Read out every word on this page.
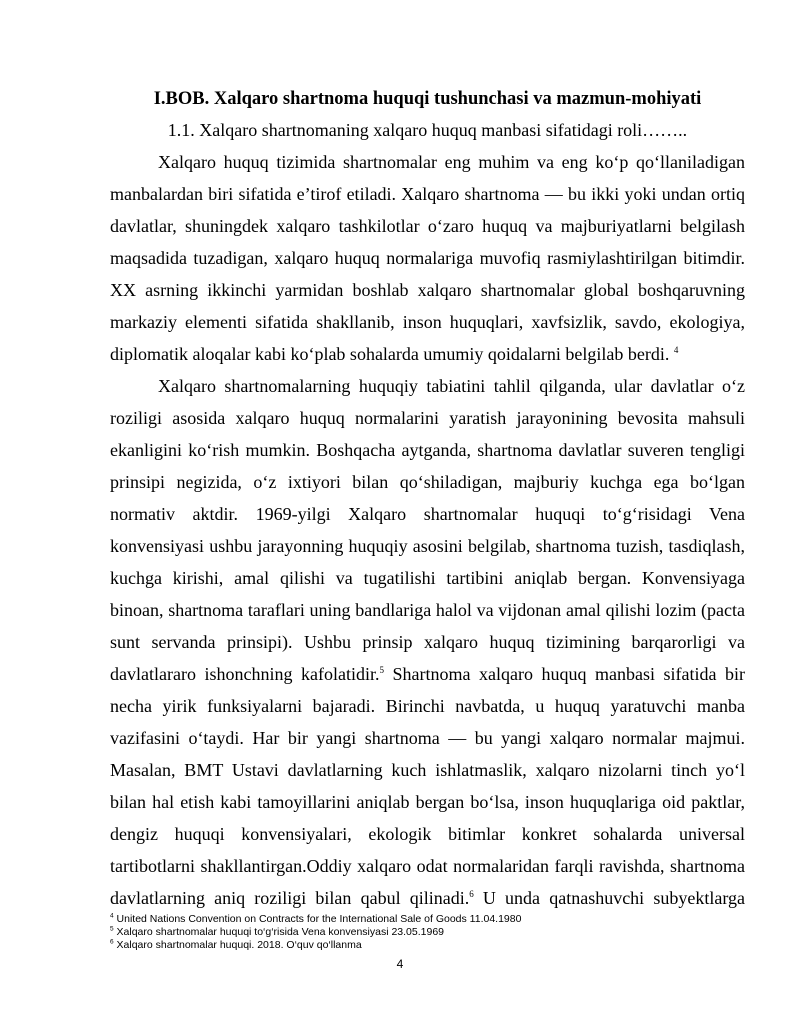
I.BOB. Xalqaro shartnoma huquqi tushunchasi va mazmun-mohiyati
1.1. Xalqaro shartnomaning xalqaro huquq manbasi sifatidagi roli……..
Xalqaro huquq tizimida shartnomalar eng muhim va eng ko‘p qo‘llaniladigan
manbalardan biri sifatida e’tirof etiladi. Xalqaro shartnoma — bu ikki yoki undan ortiq
davlatlar, shuningdek xalqaro tashkilotlar o‘zaro huquq va majburiyatlarni belgilash
maqsadida tuzadigan, xalqaro huquq normalariga muvofiq rasmiylashtirilgan bitimdir.
XX asrning ikkinchi yarmidan boshlab xalqaro shartnomalar global boshqaruvning
markaziy elementi sifatida shakllanib, inson huquqlari, xavfsizlik, savdo, ekologiya,
diplomatik aloqalar kabi ko‘plab sohalarda umumiy qoidalarni belgilab berdi. $^4$
Xalqaro shartnomalarning huquqiy tabiatini tahlil qilganda, ular davlatlar o‘z
roziligi asosida xalqaro huquq normalarini yaratish jarayonining bevosita mahsuli
ekanligini ko‘rish mumkin. Boshqacha aytganda, shartnoma davlatlar suveren tengligi
prinsipi negizida, o‘z ixtiyori bilan qo‘shiladigan, majburiy kuchga ega bo‘lgan
normativ aktdir. 1969-yilgi Xalqaro shartnomalar huquqi to‘g‘risidagi Vena
konvensiyasi ushbu jarayonning huquqiy asosini belgilab, shartnoma tuzish, tasdiqlash,
kuchga kirishi, amal qilishi va tugatilishi tartibini aniqlab bergan. Konvensiyaga
binoan, shartnoma taraflari uning bandlariga halol va vijdonan amal qilishi lozim (pacta
sunt servanda prinsipi). Ushbu prinsip xalqaro huquq tizimining barqarorligi va
davlatlararo ishonchning kafolatidir.$^5$ Shartnoma xalqaro huquq manbasi sifatida bir
necha yirik funksiyalarni bajaradi. Birinchi navbatda, u huquq yaratuvchi manba
vazifasini o‘taydi. Har bir yangi shartnoma — bu yangi xalqaro normalar majmui.
Masalan, BMT Ustavi davlatlarning kuch ishlatmaslik, xalqaro nizolarni tinch yo‘l
bilan hal etish kabi tamoyillarini aniqlab bergan bo‘lsa, inson huquqlariga oid paktlar,
dengiz huquqi konvensiyalari, ekologik bitimlar konkret sohalarda universal
tartibotlarni shakllantirgan.Oddiy xalqaro odat normalaridan farqli ravishda, shartnoma
davlatlarning aniq roziligi bilan qabul qilinadi.$^6$ U unda qatnashuvchi subyektlarga
$^4$ United Nations Convention on Contracts for the International Sale of Goods 11.04.1980
$^5$ Xalqaro shartnomalar huquqi to‘g‘risida Vena konvensiyasi 23.05.1969
$^6$ Xalqaro shartnomalar huquqi. 2018. O‘quv qo‘llanma
4
